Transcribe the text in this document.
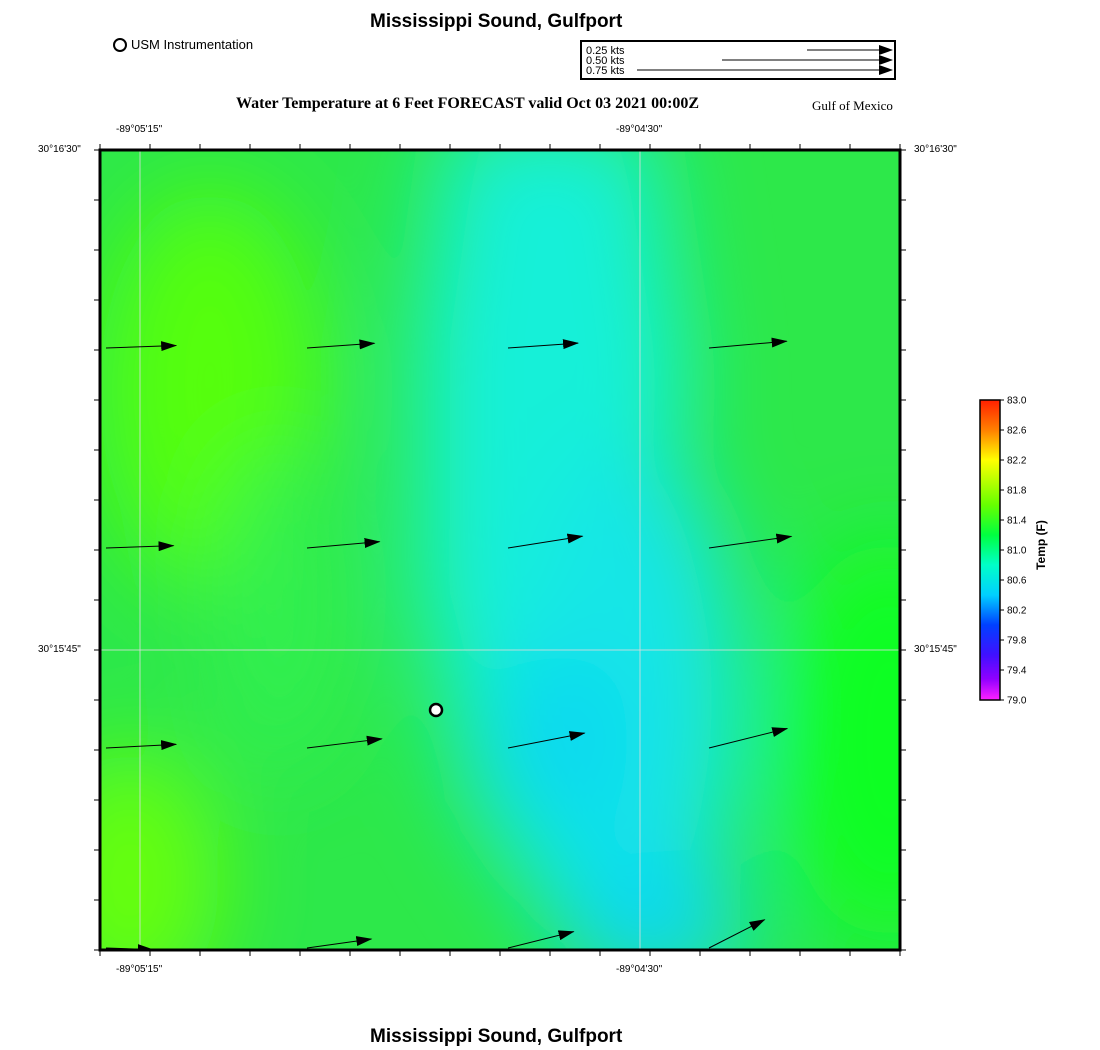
Mississippi Sound, Gulfport
USM Instrumentation	0.25 kts
0.50 kts
0.75 kts
Water Temperature at 6 Feet FORECAST valid Oct 03 2021 00:00Z	Gulf of Mexico
-89°05'15"	-89°04'30"
-89°05'15"	-89°04'30"
30°16'30"
30°15'45"
30°16'30"
30°15'45"
83.0
82.6
82.2
81.8
81.4
81.0
80.6
80.2
79.8
79.4
79.0
Temp (F)
Mississippi Sound, Gulfport
